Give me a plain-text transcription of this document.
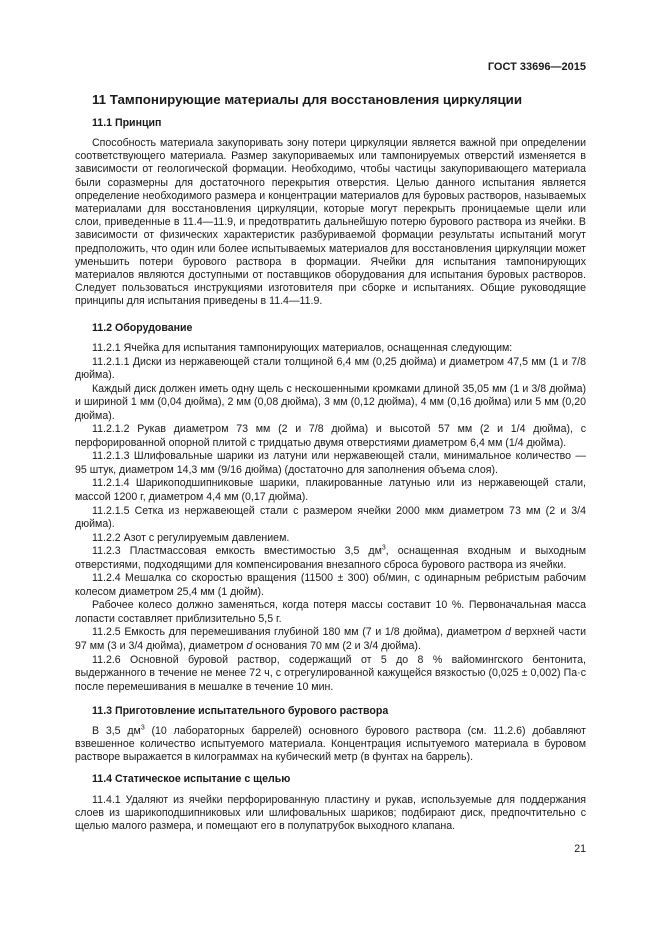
ГОСТ 33696—2015
11 Тампонирующие материалы для восстановления циркуляции
11.1 Принцип

Способность материала закупоривать зону потери циркуляции является важной при определении соответствующего материала. Размер закупориваемых или тампонируемых отверстий изменяется в зависимости от геологической формации. Необходимо, чтобы частицы закупоривающего материала были соразмерны для достаточного перекрытия отверстия. Целью данного испытания является определение необходимого размера и концентрации материалов для буровых растворов, называемых материалами для восстановления циркуляции, которые могут перекрыть проницаемые щели или слои, приведенные в 11.4—11.9, и предотвратить дальнейшую потерю бурового раствора из ячейки. В зависимости от физических характеристик разбуриваемой формации результаты испытаний могут предположить, что один или более испытываемых материалов для восстановления циркуляции может уменьшить потери бурового раствора в формации. Ячейки для испытания тампонирующих материалов являются доступными от поставщиков оборудования для испытания буровых растворов. Следует пользоваться инструкциями изготовителя при сборке и испытаниях. Общие руководящие принципы для испытания приведены в 11.4—11.9.

11.2 Оборудование

11.2.1 Ячейка для испытания тампонирующих материалов, оснащенная следующим:

11.2.1.1 Диски из нержавеющей стали толщиной 6,4 мм (0,25 дюйма) и диаметром 47,5 мм (1 и 7/8 дюйма).

Каждый диск должен иметь одну щель с нескошенными кромками длиной 35,05 мм (1 и 3/8 дюйма) и шириной 1 мм (0,04 дюйма), 2 мм (0,08 дюйма), 3 мм (0,12 дюйма), 4 мм (0,16 дюйма) или 5 мм (0,20 дюйма).

11.2.1.2 Рукав диаметром 73 мм (2 и 7/8 дюйма) и высотой 57 мм (2 и 1/4 дюйма), с перфорированной опорной плитой с тридцатью двумя отверстиями диаметром 6,4 мм (1/4 дюйма).

11.2.1.3 Шлифовальные шарики из латуни или нержавеющей стали, минимальное количество — 95 штук, диаметром 14,3 мм (9/16 дюйма) (достаточно для заполнения объема слоя).

11.2.1.4 Шарикоподшипниковые шарики, плакированные латунью или из нержавеющей стали, массой 1200 г, диаметром 4,4 мм (0,17 дюйма).

11.2.1.5 Сетка из нержавеющей стали с размером ячейки 2000 мкм диаметром 73 мм (2 и 3/4 дюйма).

11.2.2 Азот с регулируемым давлением.

11.2.3 Пластмассовая емкость вместимостью 3,5 $дм^3$, оснащенная входным и выходным отверстиями, подходящими для компенсирования внезапного сброса бурового раствора из ячейки.

11.2.4 Мешалка со скоростью вращения (11500 ± 300) об/мин, с одинарным ребристым рабочим колесом диаметром 25,4 мм (1 дюйм).

Рабочее колесо должно заменяться, когда потеря массы составит 10 %. Первоначальная масса лопасти составляет приблизительно 5,5 г.

11.2.5 Емкость для перемешивания глубиной 180 мм (7 и 1/8 дюйма), диаметром d верхней части 97 мм (3 и 3/4 дюйма), диаметром d основания 70 мм (2 и 3/4 дюйма).

11.2.6 Основной буровой раствор, содержащий от 5 до 8 % вайомингского бентонита, выдержанного в течение не менее 72 ч, с отрегулированной кажущейся вязкостью (0,025 ± 0,002) Па·с после перемешивания в мешалке в течение 10 мин.

11.3 Приготовление испытательного бурового раствора

В 3,5 $дм^3$ (10 лабораторных баррелей) основного бурового раствора (см. 11.2.6) добавляют взвешенное количество испытуемого материала. Концентрация испытуемого материала в буровом растворе выражается в килограммах на кубический метр (в фунтах на баррель).

11.4 Статическое испытание с щелью

11.4.1 Удаляют из ячейки перфорированную пластину и рукав, используемые для поддержания слоев из шарикоподшипниковых или шлифовальных шариков; подбирают диск, предпочтительно с щелью малого размера, и помещают его в полупатрубок выходного клапана.

21
